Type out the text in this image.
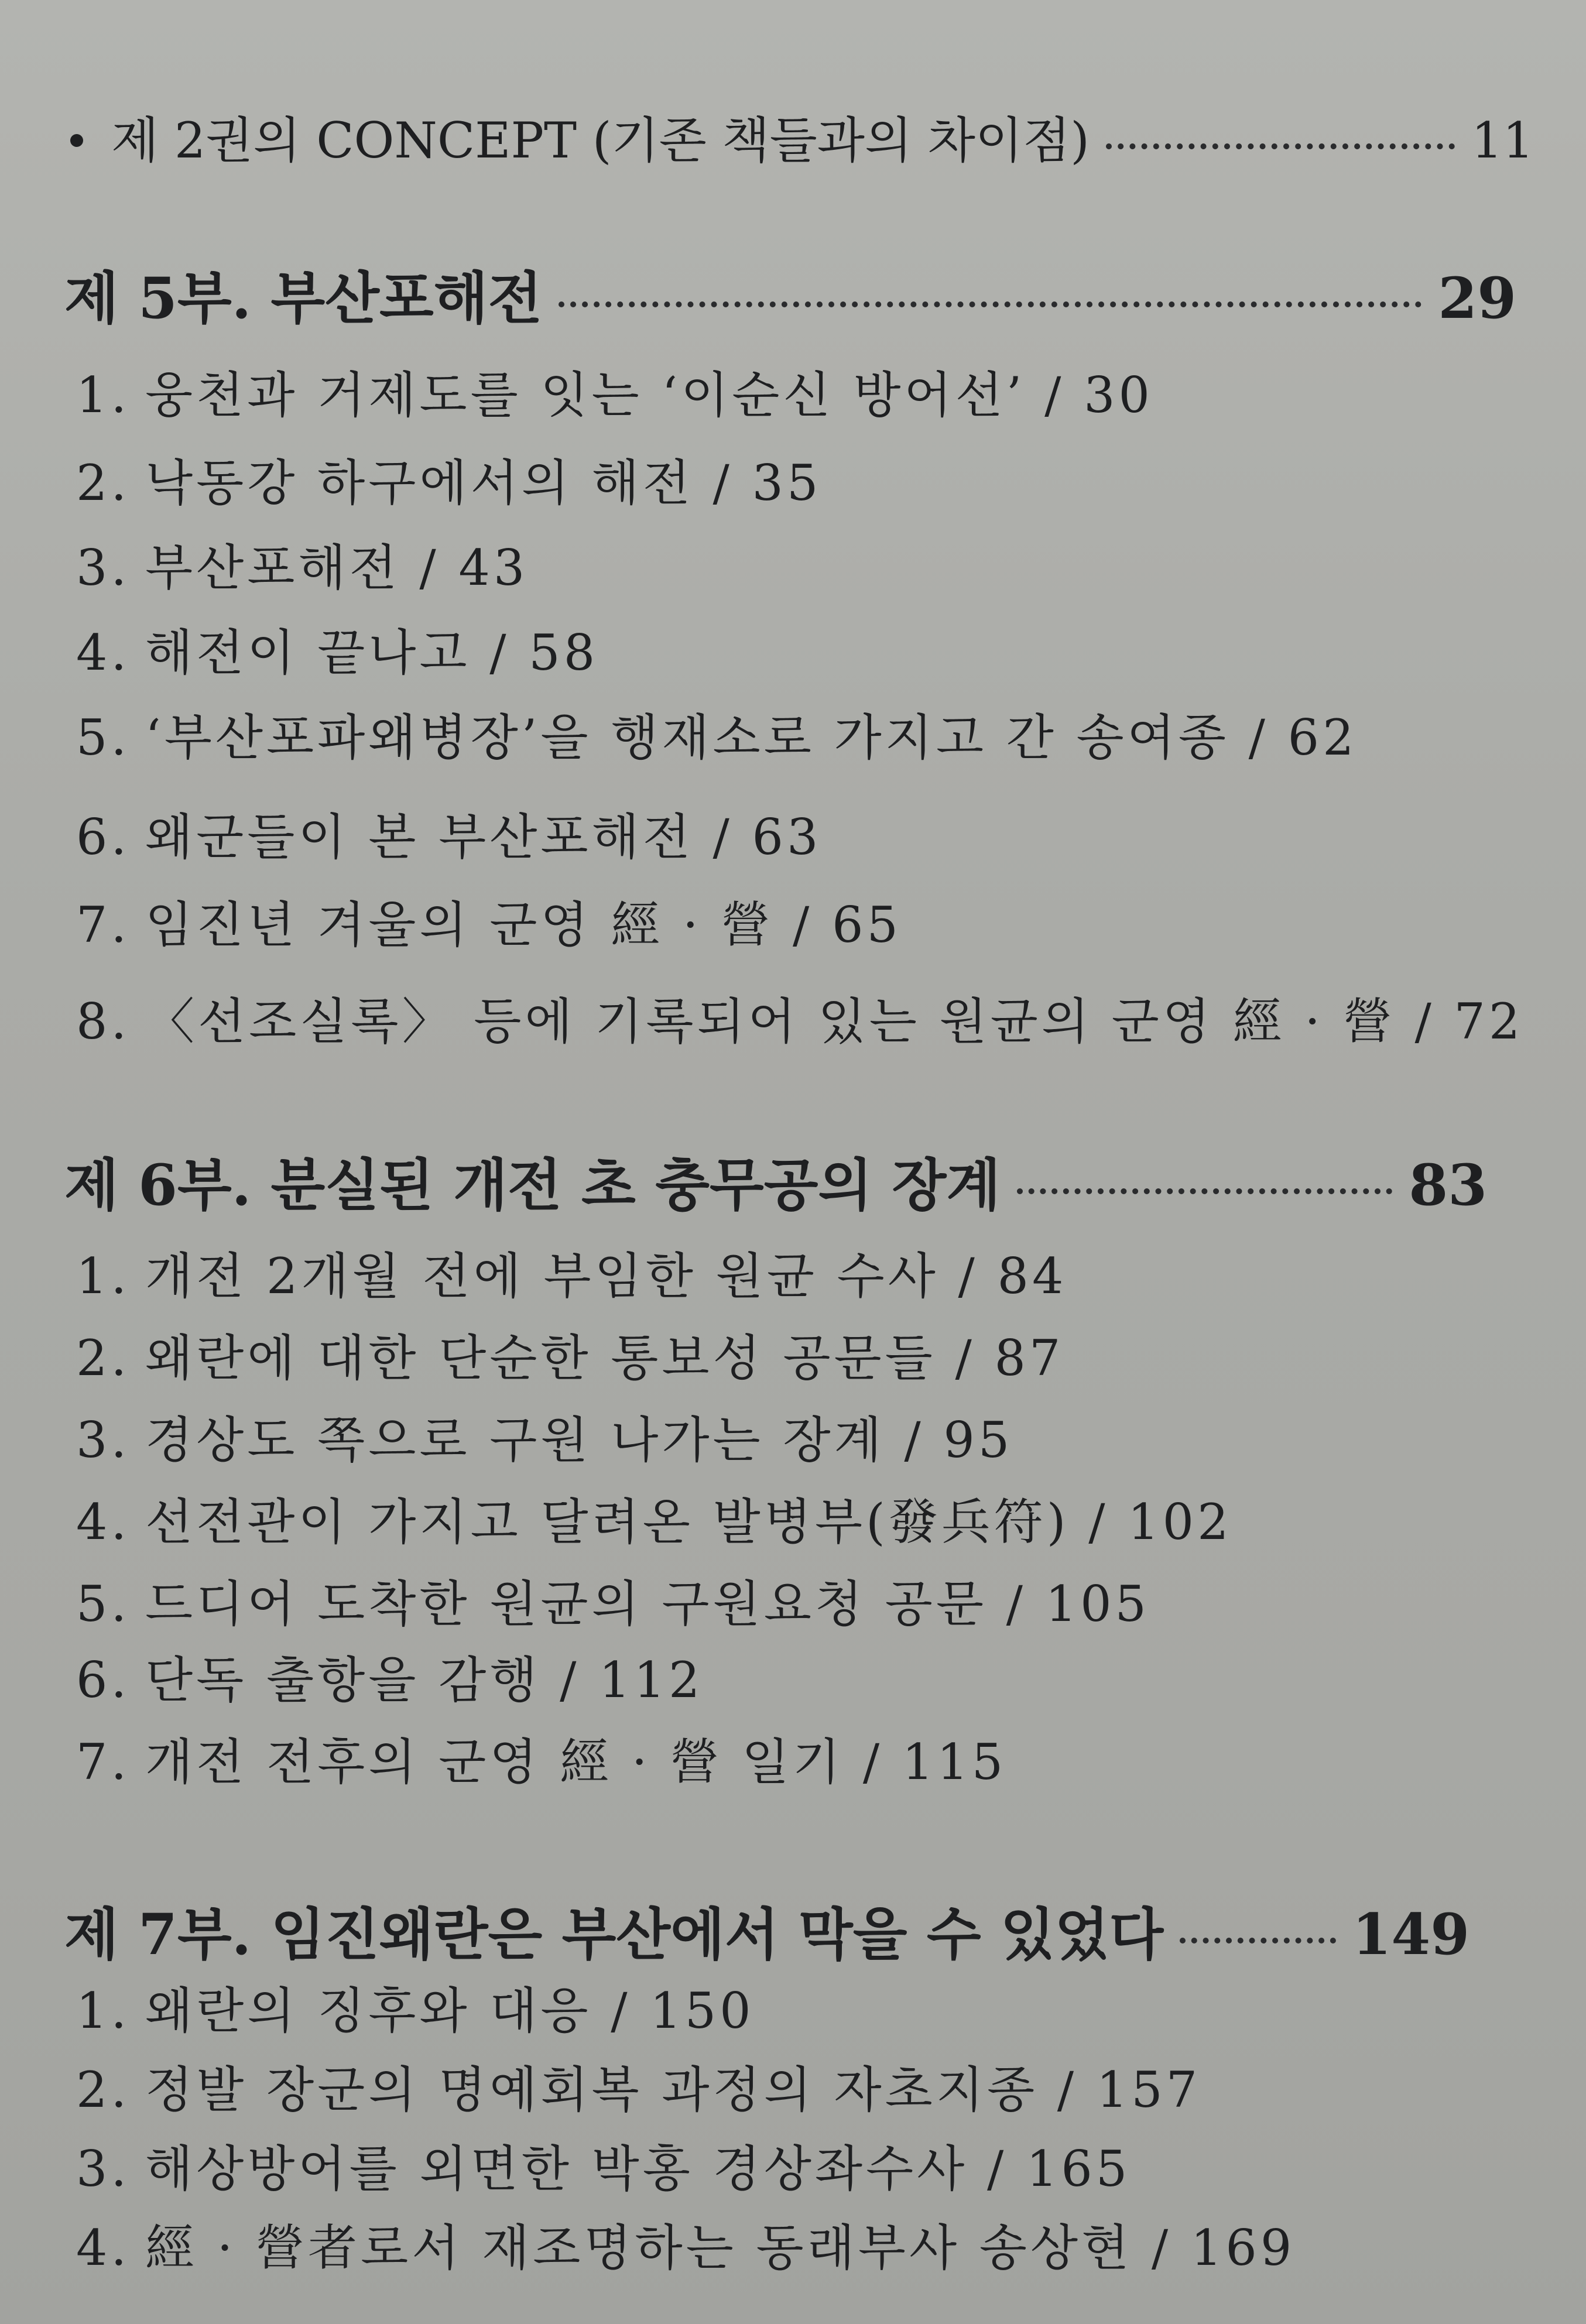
제 2권의 CONCEPT (기존 책들과의 차이점)	11
제 5부. 부산포해전	29
1. 웅천과 거제도를 잇는 ‘이순신 방어선’ / 30
2. 낙동강 하구에서의 해전 / 35
3. 부산포해전 / 43
4. 해전이 끝나고 / 58
5. ‘부산포파왜병장’을 행재소로 가지고 간 송여종 / 62
6. 왜군들이 본 부산포해전 / 63
7. 임진년 겨울의 군영 經 · 營 / 65
8. 〈선조실록〉 등에 기록되어 있는 원균의 군영 經 · 營 / 72
제 6부. 분실된 개전 초 충무공의 장계	83
1. 개전 2개월 전에 부임한 원균 수사 / 84
2. 왜란에 대한 단순한 통보성 공문들 / 87
3. 경상도 쪽으로 구원 나가는 장계 / 95
4. 선전관이 가지고 달려온 발병부(發兵符) / 102
5. 드디어 도착한 원균의 구원요청 공문 / 105
6. 단독 출항을 감행 / 112
7. 개전 전후의 군영 經 · 營 일기 / 115
제 7부. 임진왜란은 부산에서 막을 수 있었다	149
1. 왜란의 징후와 대응 / 150
2. 정발 장군의 명예회복 과정의 자초지종 / 157
3. 해상방어를 외면한 박홍 경상좌수사 / 165
4. 經 · 營者로서 재조명하는 동래부사 송상현 / 169
